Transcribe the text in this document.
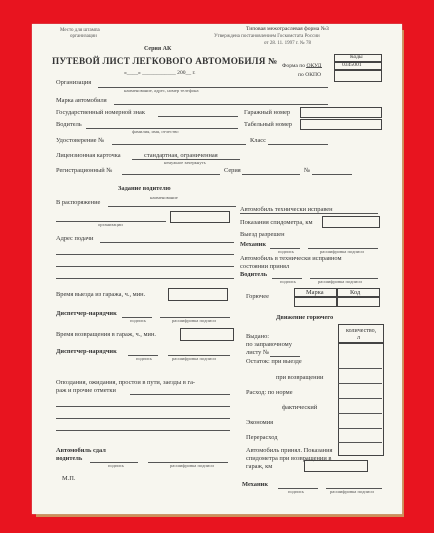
Место для штампа
организации
Типовая межотраслевая форма №3
Утверждена постановлением Госкомстата России
от 28. 11. 1997 г. № 78
Серия АК
ПУТЕВОЙ ЛИСТ ЛЕГКОВОГО АВТОМОБИЛЯ №
«____» ____________ 200__ г.
Коды
0345001
Форма по ОКУД
по ОКПО
Организация
наименование, адрес, номер телефона
Марка автомобиля
Государственный номерной знак	Гаражный номер
Водитель	Табельный номер
фамилия, имя, отчество
Удостоверение №	Класс
Лицензионная карточка	стандартная, ограниченная
ненужное зачеркнуть
Регистрационный №	Серия	№
Задание водителю
В распоряжение
наименование
организации
Адрес подачи
Время выезда из гаража, ч., мин.
Диспетчер-нарядчик
подпись	расшифровка подписи
Время возвращения в гараж, ч., мин.
Диспетчер-нарядчик
подпись	расшифровка подписи
Опоздания, ожидания, простои в пути, заезды в га-
раж и прочие отметки
Автомобиль сдал
водитель
подпись	расшифровка подписи
М.П.
Автомобиль технически исправен
Показания спидометра, км
Выезд разрешен
Механик
подпись	расшифровка подписи
Автомобиль в технически исправном
состоянии принял
Водитель
подпись	расшифровка подписи
Горючее
Марка	Код
Движение горючего
количество,
л
Выдано:
по заправочному
листу №
Остаток: при выезде
при возвращении
Расход: по норме
фактический
Экономия
Перерасход
Автомобиль принял. Показания
спидометра при возвращении в
гараж, км
Механик
подпись	расшифровка подписи
